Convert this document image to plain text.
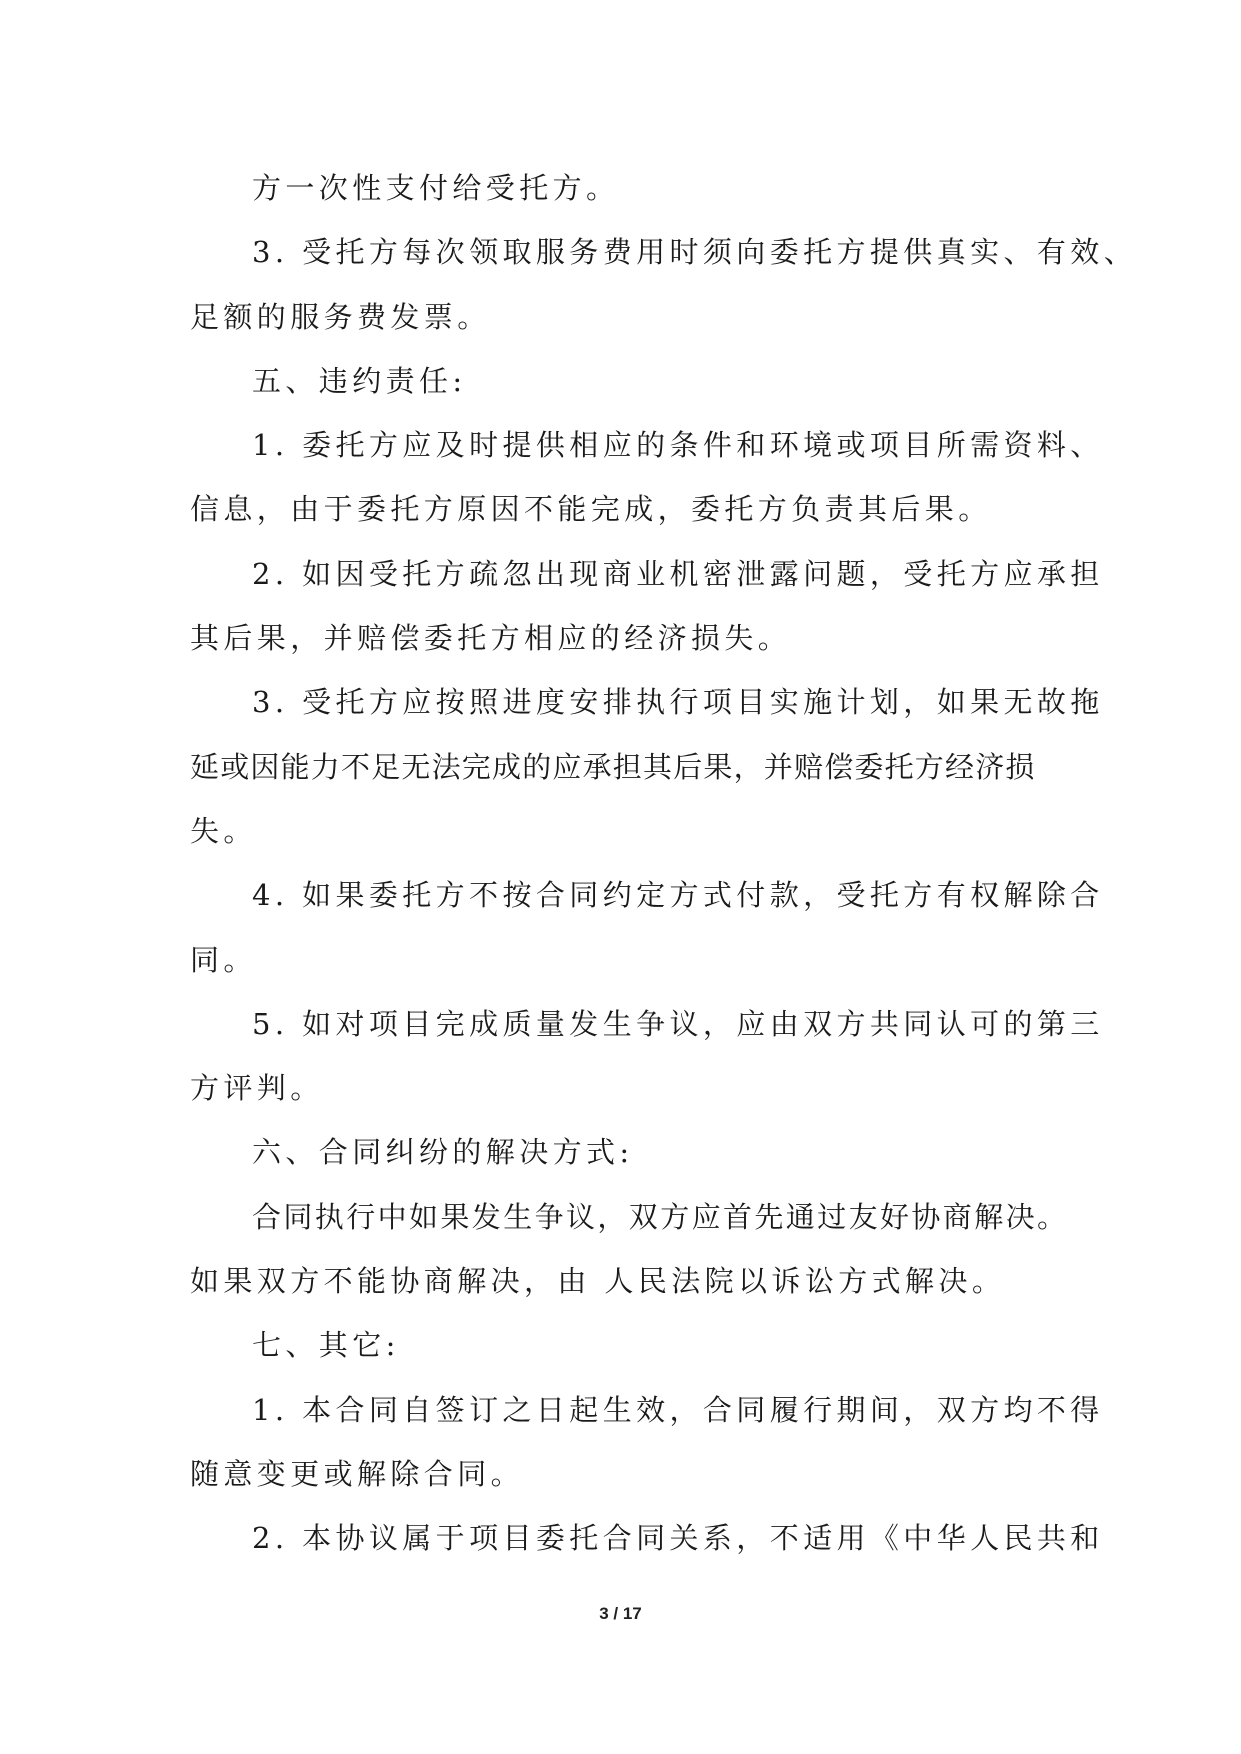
方一次性支付给受托方。
3. 受托方每次领取服务费用时须向委托方提供真实、有效、
足额的服务费发票。
五、违约责任:
1. 委托方应及时提供相应的条件和环境或项目所需资料、
信息，由于委托方原因不能完成，委托方负责其后果。
2. 如因受托方疏忽出现商业机密泄露问题，受托方应承担
其后果，并赔偿委托方相应的经济损失。
3. 受托方应按照进度安排执行项目实施计划，如果无故拖
延或因能力不足无法完成的应承担其后果，并赔偿委托方经济损
失。
4. 如果委托方不按合同约定方式付款，受托方有权解除合
同。
5. 如对项目完成质量发生争议，应由双方共同认可的第三
方评判。
六、合同纠纷的解决方式:
合同执行中如果发生争议，双方应首先通过友好协商解决。
如果双方不能协商解决，由 人民法院以诉讼方式解决。
七、其它:
1. 本合同自签订之日起生效，合同履行期间，双方均不得
随意变更或解除合同。
2. 本协议属于项目委托合同关系，不适用《中华人民共和
3 / 17
